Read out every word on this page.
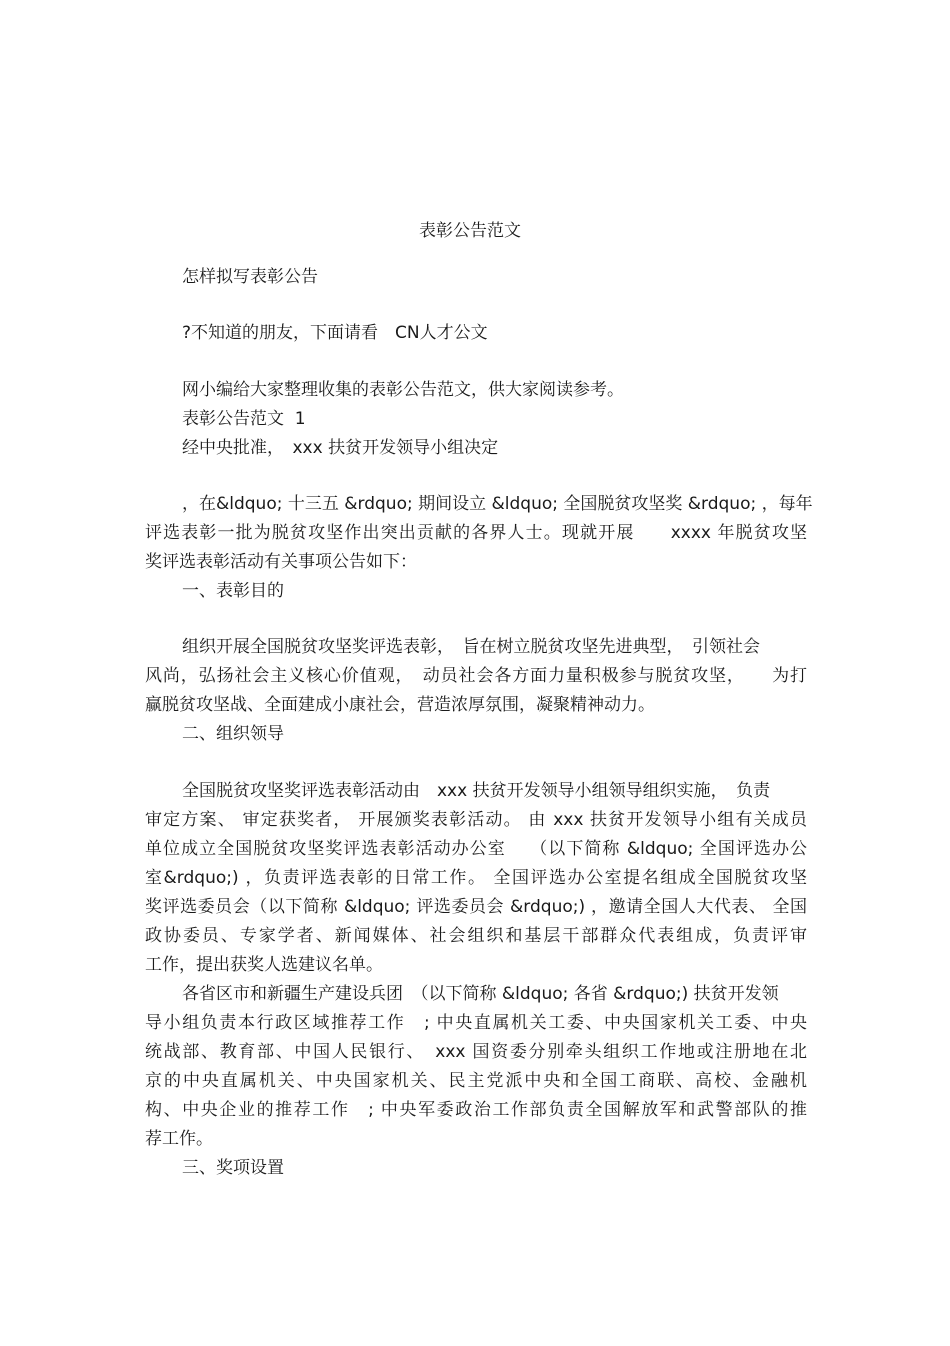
表彰公告范文

怎样拟写表彰公告

?不知道的朋友，下面请看　CN人才公文

网小编给大家整理收集的表彰公告范文，供大家阅读参考。

表彰公告范文  1

经中央批准，　xxx 扶贫开发领导小组决定

，在&ldquo; 十三五 &rdquo; 期间设立 &ldquo; 全国脱贫攻坚奖 &rdquo; ，每年

评选表彰一批为脱贫攻坚作出突出贡献的各界人士。现就开展　　xxxx 年脱贫攻坚

奖评选表彰活动有关事项公告如下：

一、表彰目的

组织开展全国脱贫攻坚奖评选表彰，　旨在树立脱贫攻坚先进典型，　引领社会

风尚，弘扬社会主义核心价值观，　动员社会各方面力量积极参与脱贫攻坚，　　为打

赢脱贫攻坚战、全面建成小康社会，营造浓厚氛围，凝聚精神动力。

二、组织领导

全国脱贫攻坚奖评选表彰活动由　xxx 扶贫开发领导小组领导组织实施，　负责

审定方案、 审定获奖者， 开展颁奖表彰活动。 由 xxx 扶贫开发领导小组有关成员

单位成立全国脱贫攻坚奖评选表彰活动办公室　 （以下简称 &ldquo; 全国评选办公

室&rdquo;) ，负责评选表彰的日常工作。 全国评选办公室提名组成全国脱贫攻坚

奖评选委员会（以下简称 &ldquo; 评选委员会 &rdquo;) ，邀请全国人大代表、 全国

政协委员、专家学者、新闻媒体、社会组织和基层干部群众代表组成，负责评审

工作，提出获奖人选建议名单。

各省区市和新疆生产建设兵团　（以下简称 &ldquo; 各省 &rdquo;) 扶贫开发领

导小组负责本行政区域推荐工作　; 中央直属机关工委、中央国家机关工委、中央

统战部、教育部、中国人民银行、　xxx 国资委分别牵头组织工作地或注册地在北

京的中央直属机关、中央国家机关、民主党派中央和全国工商联、高校、金融机

构、中央企业的推荐工作　; 中央军委政治工作部负责全国解放军和武警部队的推

荐工作。

三、奖项设置
